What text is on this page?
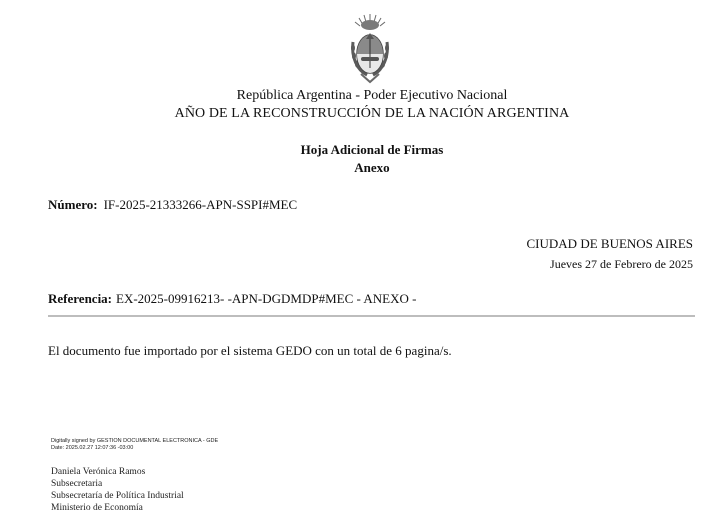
República Argentina - Poder Ejecutivo Nacional
AÑO DE LA RECONSTRUCCIÓN DE LA NACIÓN ARGENTINA
Hoja Adicional de Firmas
Anexo
Número: IF-2025-21333266-APN-SSPI#MEC
CIUDAD DE BUENOS AIRES
Jueves 27 de Febrero de 2025
Referencia: EX-2025-09916213- -APN-DGDMDP#MEC - ANEXO -
El documento fue importado por el sistema GEDO con un total de 6 pagina/s.
Digitally signed by GESTION DOCUMENTAL ELECTRONICA - GDE
Date: 2025.02.27 12:07:36 -03:00
Daniela Verónica Ramos
Subsecretaria
Subsecretaría de Política Industrial
Ministerio de Economía
